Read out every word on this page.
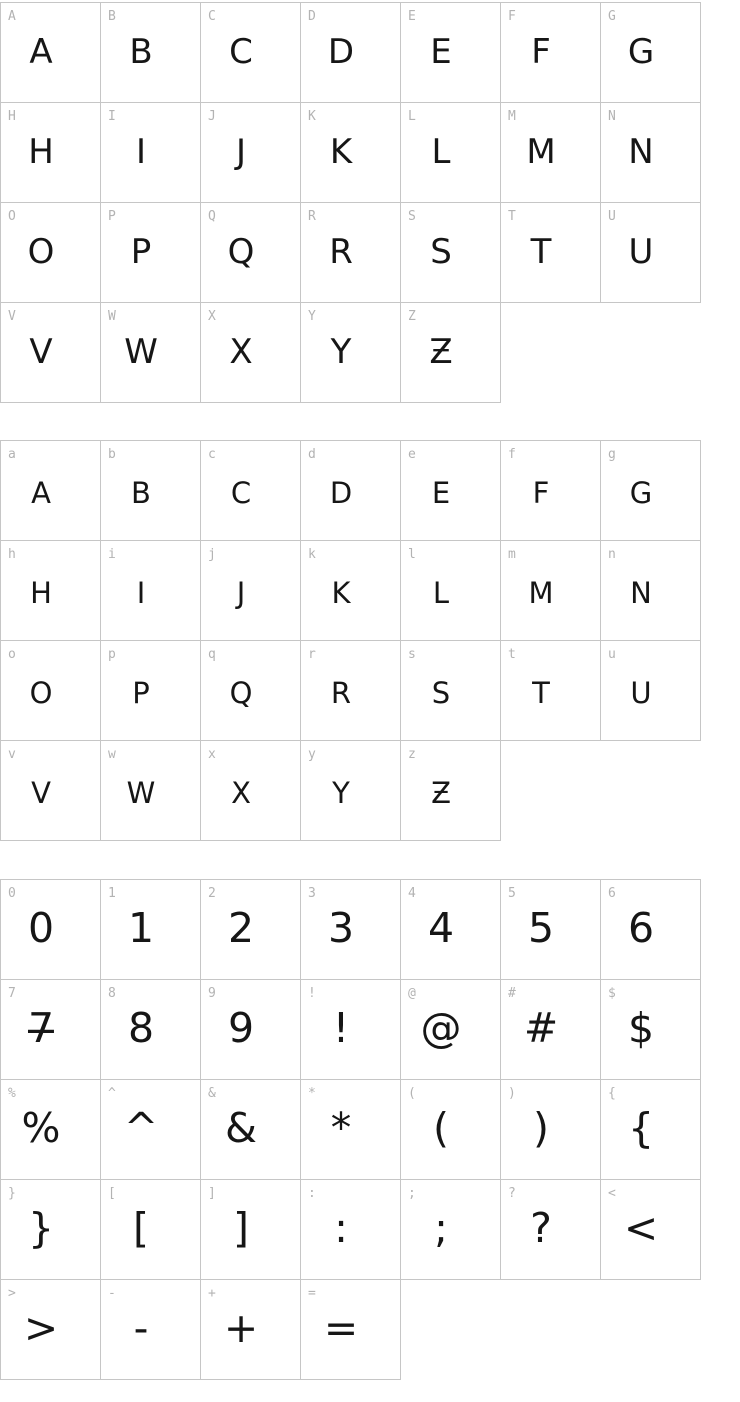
A
A
B
B
C
C
D
D
E
E
F
F
G
G
H
H
I
I
J
J
K
K
L
L
M
M
N
N
O
O
P
P
Q
Q
R
R
S
S
T
T
U
U
V
V
W
W
X
X
Y
Y
Z
Ƶ
a
A
b
B
c
C
d
D
e
E
f
F
g
G
h
H
i
I
j
J
k
K
l
L
m
M
n
N
o
O
p
P
q
Q
r
R
s
S
t
T
u
U
v
V
w
W
x
X
y
Y
z
Ƶ
0
0
1
1
2
2
3
3
4
4
5
5
6
6
7
7̶
8
8
9
9
!
!
@
@
#
#
$
$
%
%
^
^
&
&
*
*
(
(
)
)
{
{
}
}
[
[
]
]
:
:
;
;
?
?
<
<
>
>
-
-
+
+
=
=
